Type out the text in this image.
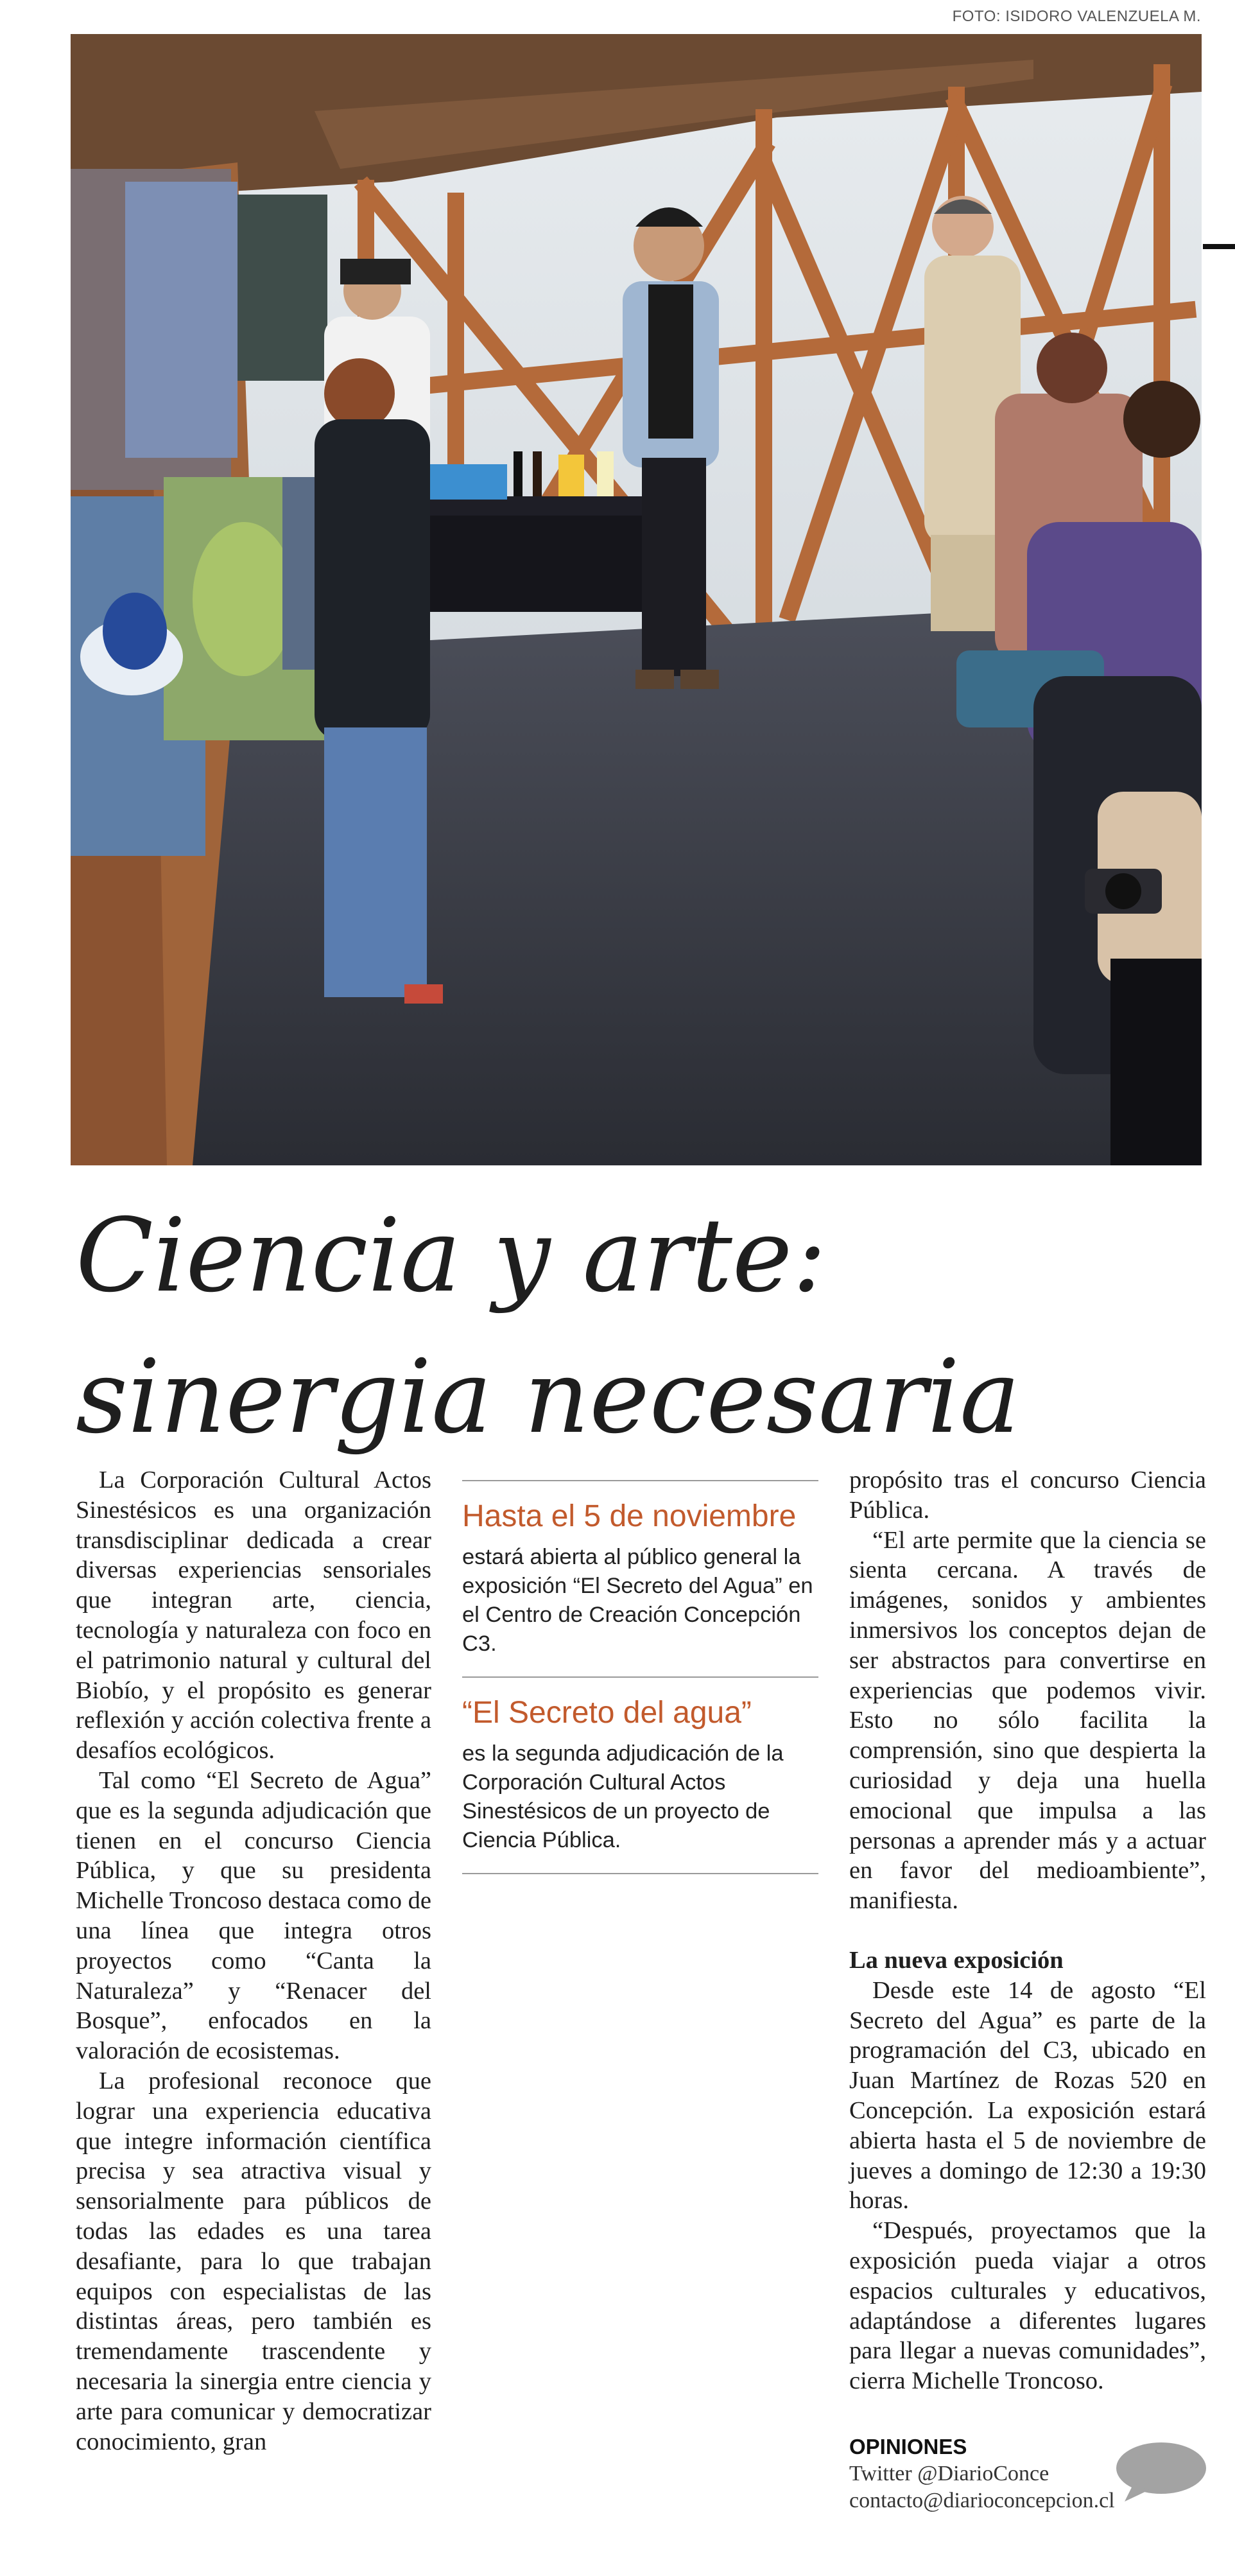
FOTO: ISIDORO VALENZUELA M.
Ciencia y arte:
sinergia necesaria

La Corporación Cultural Actos Sinestésicos es una organización transdisciplinar dedicada a crear diversas experiencias sensoriales que integran arte, ciencia, tecnología y naturaleza con foco en el patrimonio natural y cultural del Biobío, y el propósito es generar reflexión y acción colectiva frente a desafíos ecológicos.

Tal como “El Secreto de Agua” que es la segunda adjudicación que tienen en el concurso Ciencia Pública, y que su presidenta Michelle Troncoso destaca como de una línea que integra otros proyectos como “Canta la Naturaleza” y “Renacer del Bosque”, enfocados en la valoración de ecosistemas.

La profesional reconoce que lograr una experiencia educativa que integre información científica precisa y sea atractiva visual y sensorialmente para públicos de todas las edades es una tarea desafiante, para lo que trabajan equipos con especialistas de las distintas áreas, pero también es tremendamente trascendente y necesaria la sinergia entre ciencia y arte para comunicar y democratizar conocimiento, gran

Hasta el 5 de noviembre

estará abierta al público general la exposición “El Secreto del Agua” en el Centro de Creación Concepción C3.

“El Secreto del agua”

es la segunda adjudicación de la Corporación Cultural Actos Sinestésicos de un proyecto de Ciencia Pública.

propósito tras el concurso Ciencia Pública.

“El arte permite que la ciencia se sienta cercana. A través de imágenes, sonidos y ambientes inmersivos los conceptos dejan de ser abstractos para convertirse en experiencias que podemos vivir. Esto no sólo facilita la comprensión, sino que despierta la curiosidad y deja una huella emocional que impulsa a las personas a aprender más y a actuar en favor del medioambiente”, manifiesta.

La nueva exposición

Desde este 14 de agosto “El Secreto del Agua” es parte de la programación del C3, ubicado en Juan Martínez de Rozas 520 en Concepción. La exposición estará abierta hasta el 5 de noviembre de jueves a domingo de 12:30 a 19:30 horas.

“Después, proyectamos que la exposición pueda viajar a otros espacios culturales y educativos, adaptándose a diferentes lugares para llegar a nuevas comunidades”, cierra Michelle Troncoso.

OPINIONES
Twitter @DiarioConce
contacto@diarioconcepcion.cl
